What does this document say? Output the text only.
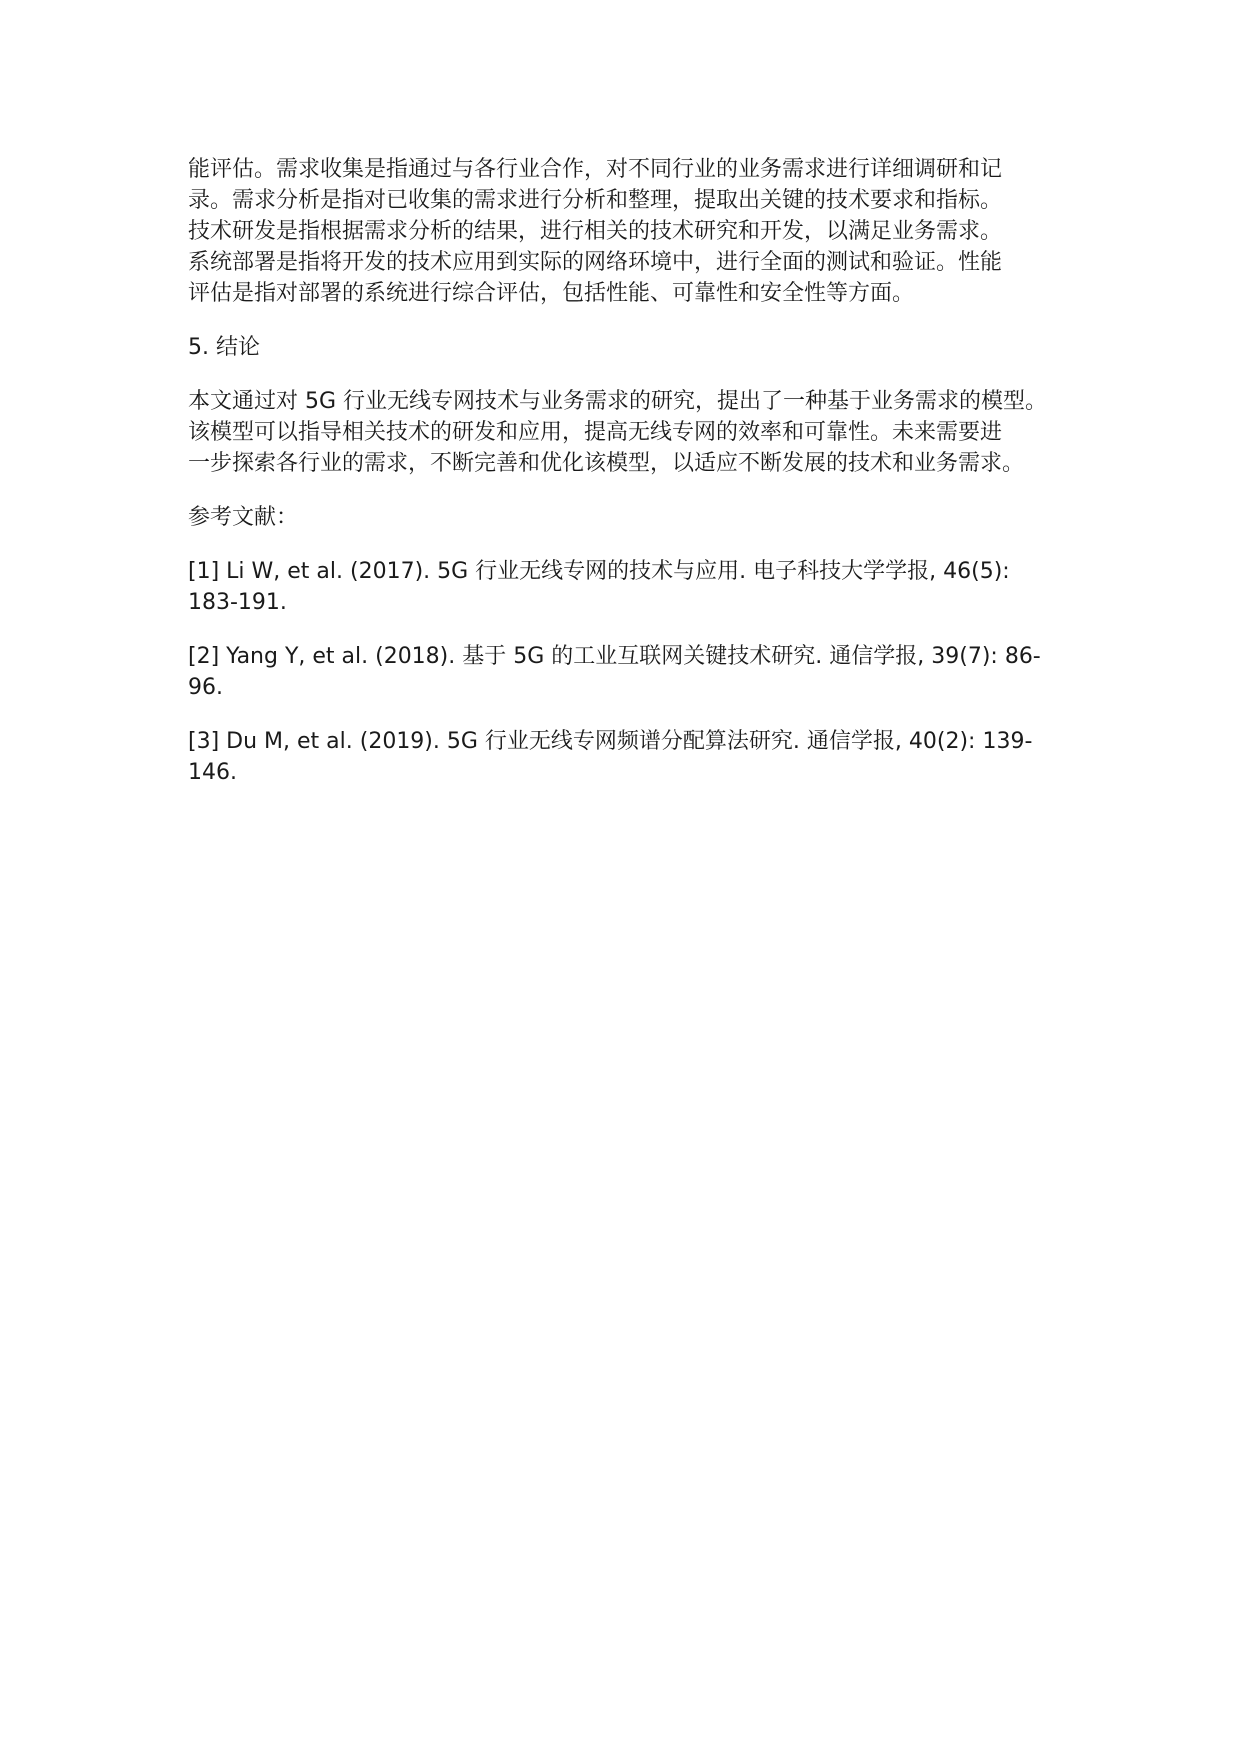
能评估。需求收集是指通过与各行业合作，对不同行业的业务需求进行详细调研和记
录。需求分析是指对已收集的需求进行分析和整理，提取出关键的技术要求和指标。
技术研发是指根据需求分析的结果，进行相关的技术研究和开发，以满足业务需求。
系统部署是指将开发的技术应用到实际的网络环境中，进行全面的测试和验证。性能
评估是指对部署的系统进行综合评估，包括性能、可靠性和安全性等方面。

5. 结论

本文通过对 5G 行业无线专网技术与业务需求的研究，提出了一种基于业务需求的模型。
该模型可以指导相关技术的研发和应用，提高无线专网的效率和可靠性。未来需要进
一步探索各行业的需求，不断完善和优化该模型，以适应不断发展的技术和业务需求。

参考文献：

[1] Li W, et al. (2017). 5G 行业无线专网的技术与应用. 电子科技大学学报, 46(5):
183-191.

[2] Yang Y, et al. (2018). 基于 5G 的工业互联网关键技术研究. 通信学报, 39(7): 86-
96.

[3] Du M, et al. (2019). 5G 行业无线专网频谱分配算法研究. 通信学报, 40(2): 139-
146.
